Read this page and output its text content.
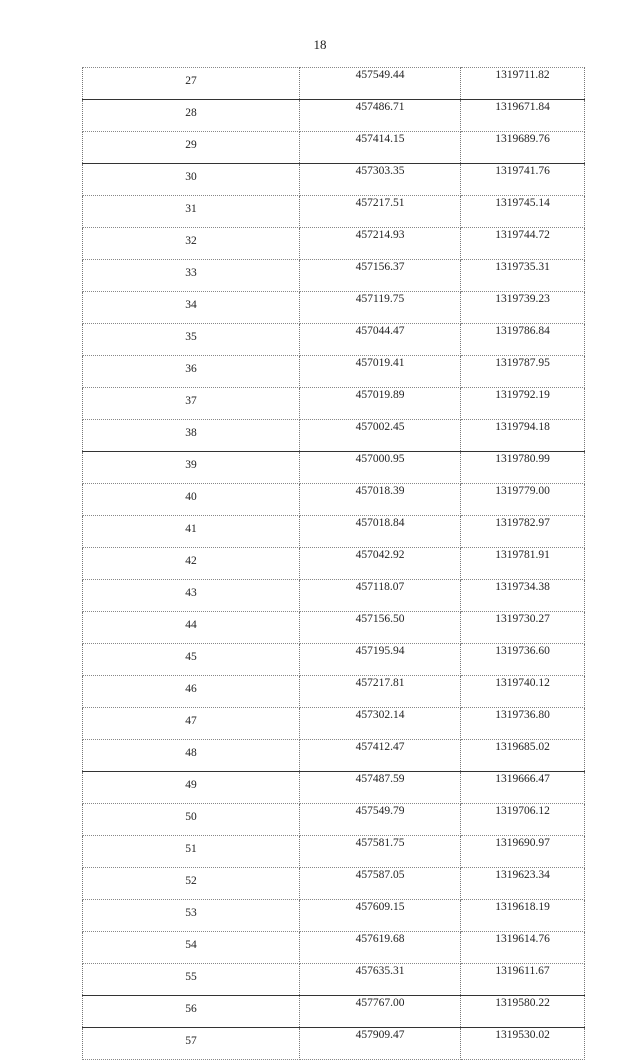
18
27	457549.44	1319711.82
28	457486.71	1319671.84
29	457414.15	1319689.76
30	457303.35	1319741.76
31	457217.51	1319745.14
32	457214.93	1319744.72
33	457156.37	1319735.31
34	457119.75	1319739.23
35	457044.47	1319786.84
36	457019.41	1319787.95
37	457019.89	1319792.19
38	457002.45	1319794.18
39	457000.95	1319780.99
40	457018.39	1319779.00
41	457018.84	1319782.97
42	457042.92	1319781.91
43	457118.07	1319734.38
44	457156.50	1319730.27
45	457195.94	1319736.60
46	457217.81	1319740.12
47	457302.14	1319736.80
48	457412.47	1319685.02
49	457487.59	1319666.47
50	457549.79	1319706.12
51	457581.75	1319690.97
52	457587.05	1319623.34
53	457609.15	1319618.19
54	457619.68	1319614.76
55	457635.31	1319611.67
56	457767.00	1319580.22
57	457909.47	1319530.02
